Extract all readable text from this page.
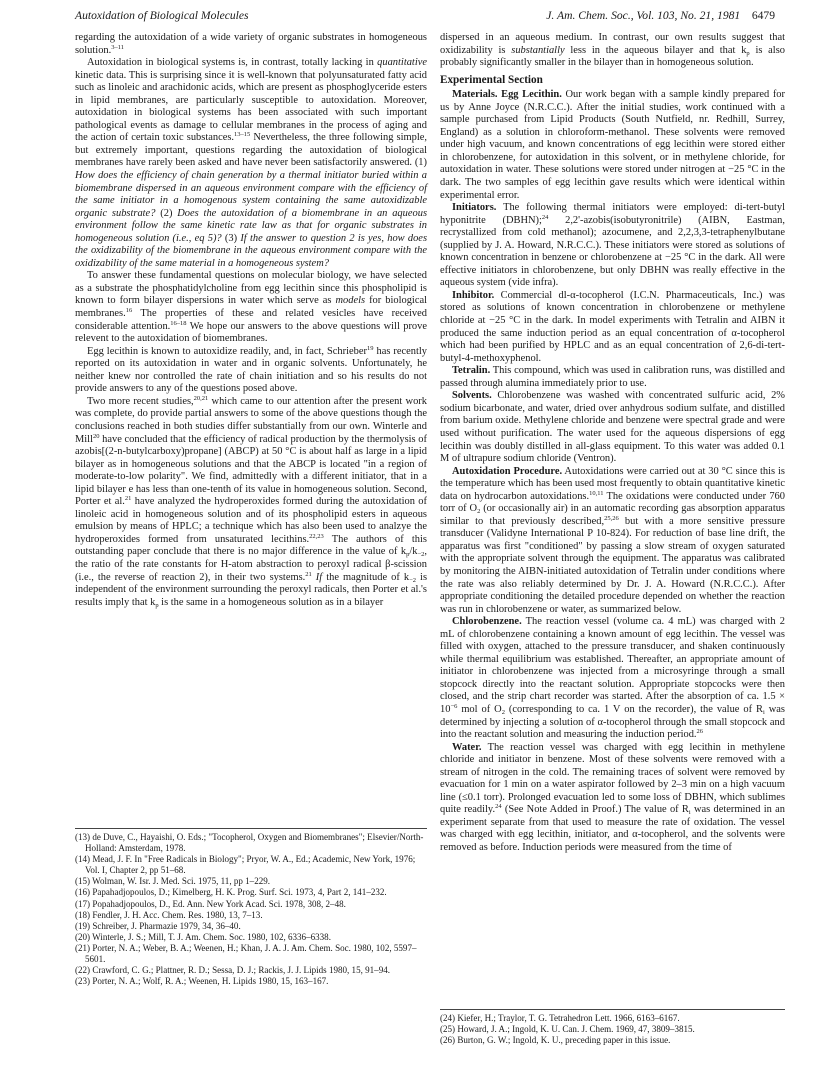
Autoxidation of Biological Molecules	J. Am. Chem. Soc., Vol. 103, No. 21, 1981 6479

regarding the autoxidation of a wide variety of organic substrates in homogeneous solution.$^{3-11}$

Autoxidation in biological systems is, in contrast, totally lacking in quantitative kinetic data. This is surprising since it is well-known that polyunsaturated fatty acid such as linoleic and arachidonic acids, which are present as phosphoglyceride esters in lipid membranes, are particularly susceptible to autoxidation. Moreover, autoxidation in biological systems has been associated with such important pathological events as damage to cellular membranes in the process of aging and the action of certain toxic substances.$^{13-15}$ Nevertheless, the three following simple, but extremely important, questions regarding the autoxidation of biological membranes have rarely been asked and have never been satisfactorily answered. (1) How does the efficiency of chain generation by a thermal initiator buried within a biomembrane dispersed in an aqueous environment compare with the efficiency of the same initiator in a homogenous system containing the same autoxidizable organic substrate? (2) Does the autoxidation of a biomembrane in an aqueous environment follow the same kinetic rate law as that for organic substrates in homogeneous solution (i.e., eq 5)? (3) If the answer to question 2 is yes, how does the oxidizability of the biomembrane in the aqueous environment compare with the oxidizability of the same material in a homogeneous system?

To answer these fundamental questions on molecular biology, we have selected as a substrate the phosphatidylcholine from egg lecithin since this phospholipid is known to form bilayer dispersions in water which serve as models for biological membranes.$^{16}$ The properties of these and related vesicles have received considerable attention.$^{16-18}$ We hope our answers to the above questions will prove relevent to the autoxidation of biomembranes.

Egg lecithin is known to autoxidize readily, and, in fact, Schrieber$^{19}$ has recently reported on its autoxidation in water and in organic solvents. Unfortunately, he neither knew nor controlled the rate of chain initiation and so his results do not provide answers to any of the questions posed above.

Two more recent studies,$^{20,21}$ which came to our attention after the present work was complete, do provide partial answers to some of the above questions though the conclusions reached in both studies differ substantially from our own. Winterle and Mill$^{20}$ have concluded that the efficiency of radical production by the thermolysis of azobis[(2-n-butylcarboxy)propane] (ABCP) at 50 °C is about half as large in a lipid bilayer as in homogeneous solutions and that the ABCP is located "in a region of moderate-to-low polarity". We find, admittedly with a different initiator, that in a lipid bilayer e has less than one-tenth of its value in homogeneous solution. Second, Porter et al.$^{21}$ have analyzed the hydroperoxides formed during the autoxidation of linoleic acid in homogeneous solution and of its phospholipid esters in aqueous emulsion by means of HPLC; a technique which has also been used to analzye the hydroperoxides formed from unsaturated lecithins.$^{22,23}$ The authors of this outstanding paper conclude that there is no major difference in the value of $k_p/k_{-2}$, the ratio of the rate constants for H-atom abstraction to peroxyl radical β-scission (i.e., the reverse of reaction 2), in their two systems.$^{21}$ If the magnitude of $k_{-2}$ is independent of the environment surrounding the peroxyl radicals, then Porter et al.'s results imply that $k_p$ is the same in a homogeneous solution as in a bilayer

(13) de Duve, C., Hayaishi, O. Eds.; "Tocopherol, Oxygen and Biomembranes"; Elsevier/North-Holland: Amsterdam, 1978.

(14) Mead, J. F. In "Free Radicals in Biology"; Pryor, W. A., Ed.; Academic, New York, 1976; Vol. I, Chapter 2, pp 51–68.

(15) Wolman, W. Isr. J. Med. Sci. 1975, 11, pp 1–229.

(16) Papahadjopoulos, D.; Kimelberg, H. K. Prog. Surf. Sci. 1973, 4, Part 2, 141–232.

(17) Popahadjopoulos, D., Ed. Ann. New York Acad. Sci. 1978, 308, 2–48.

(18) Fendler, J. H. Acc. Chem. Res. 1980, 13, 7–13.

(19) Schreiber, J. Pharmazie 1979, 34, 36–40.

(20) Winterle, J. S.; Mill, T. J. Am. Chem. Soc. 1980, 102, 6336–6338.

(21) Porter, N. A.; Weber, B. A.; Weenen, H.; Khan, J. A. J. Am. Chem. Soc. 1980, 102, 5597–5601.

(22) Crawford, C. G.; Plattner, R. D.; Sessa, D. J.; Rackis, J. J. Lipids 1980, 15, 91–94.

(23) Porter, N. A.; Wolf, R. A.; Weenen, H. Lipids 1980, 15, 163–167.

dispersed in an aqueous medium. In contrast, our own results suggest that oxidizability is substantially less in the aqueous bilayer and that $k_p$ is also probably significantly smaller in the bilayer than in homogeneous solution.

Experimental Section

Materials. Egg Lecithin. Our work began with a sample kindly prepared for us by Anne Joyce (N.R.C.C.). After the initial studies, work continued with a sample purchased from Lipid Products (South Nutfield, nr. Redhill, Surrey, England) as a solution in chloroform-methanol. These solvents were removed under high vacuum, and known concentrations of egg lecithin were stored either in chlorobenzene, for autoxidation in this solvent, or in methylene chloride, for autoxidation in water. These solutions were stored under nitrogen at −25 °C in the dark. The two samples of egg lecithin gave results which were identical within experimental error.

Initiators. The following thermal initiators were employed: di-tert-butyl hyponitrite (DBHN);$^{24}$ 2,2'-azobis(isobutyronitrile) (AIBN, Eastman, recrystallized from cold methanol); azocumene, and 2,2,3,3-tetraphenylbutane (supplied by J. A. Howard, N.R.C.C.). These initiators were stored as solutions of known concentration in benzene or chlorobenzene at −25 °C in the dark. All were effective initiators in chlorobenzene, but only DBHN was really effective in the aqueous system (vide infra).

Inhibitor. Commercial dl-α-tocopherol (I.C.N. Pharmaceuticals, Inc.) was stored as solutions of known concentration in chlorobenzene or methylene chloride at −25 °C in the dark. In model experiments with Tetralin and AIBN it produced the same induction period as an equal concentration of α-tocopherol which had been purified by HPLC and as an equal concentration of 2,6-di-tert-butyl-4-methoxyphenol.

Tetralin. This compound, which was used in calibration runs, was distilled and passed through alumina immediately prior to use.

Solvents. Chlorobenzene was washed with concentrated sulfuric acid, 2% sodium bicarbonate, and water, dried over anhydrous sodium sulfate, and distilled from barium oxide. Methylene chloride and benzene were spectral grade and were used without purification. The water used for the aqueous dispersions of egg lecithin was doubly distilled in all-glass equipment. To this water was added 0.1 M of ultrapure sodium chloride (Ventron).

Autoxidation Procedure. Autoxidations were carried out at 30 °C since this is the temperature which has been used most frequently to obtain quantitative kinetic data on hydrocarbon autoxidations.$^{10,11}$ The oxidations were conducted under 760 torr of $O_2$ (or occasionally air) in an automatic recording gas absorption apparatus similar to that previously described,$^{25,26}$ but with a more sensitive pressure transducer (Validyne International P 10-824). For reduction of base line drift, the apparatus was first "conditioned" by passing a slow stream of oxygen saturated with the appropriate solvent through the equipment. The apparatus was calibrated by monitoring the AIBN-initiated autoxidation of Tetralin under conditions where the rate was also reliably determined by Dr. J. A. Howard (N.R.C.C.). After appropriate conditioning the detailed procedure depended on whether the reaction was run in chlorobenzene or water, as summarized below.

Chlorobenzene. The reaction vessel (volume ca. 4 mL) was charged with 2 mL of chlorobenzene containing a known amount of egg lecithin. The vessel was filled with oxygen, attached to the pressure transducer, and shaken continuously while thermal equilibrium was established. Thereafter, an appropriate amount of initiator in chlorobenzene was injected from a microsyringe through a small stopcock directly into the reactant solution. Appropriate stopcocks were then closed, and the strip chart recorder was started. After the absorption of ca. $1.5 \times 10^{-6}$ mol of $O_2$ (corresponding to ca. 1 V on the recorder), the value of $R_i$ was determined by injecting a solution of α-tocopherol through the small stopcock and into the reactant solution and measuring the induction period.$^{26}$

Water. The reaction vessel was charged with egg lecithin in methylene chloride and initiator in benzene. Most of these solvents were removed with a stream of nitrogen in the cold. The remaining traces of solvent were removed by evacuation for 1 min on a water aspirator followed by 2–3 min on a high vacuum line (≤0.1 torr). Prolonged evacuation led to some loss of DBHN, which sublimes quite readily.$^{24}$ (See Note Added in Proof.) The value of $R_i$ was determined in an experiment separate from that used to measure the rate of oxidation. The vessel was charged with egg lecithin, initiator, and α-tocopherol, and the solvents were removed as before. Induction periods were measured from the time of

(24) Kiefer, H.; Traylor, T. G. Tetrahedron Lett. 1966, 6163–6167.

(25) Howard, J. A.; Ingold, K. U. Can. J. Chem. 1969, 47, 3809–3815.

(26) Burton, G. W.; Ingold, K. U., preceding paper in this issue.
